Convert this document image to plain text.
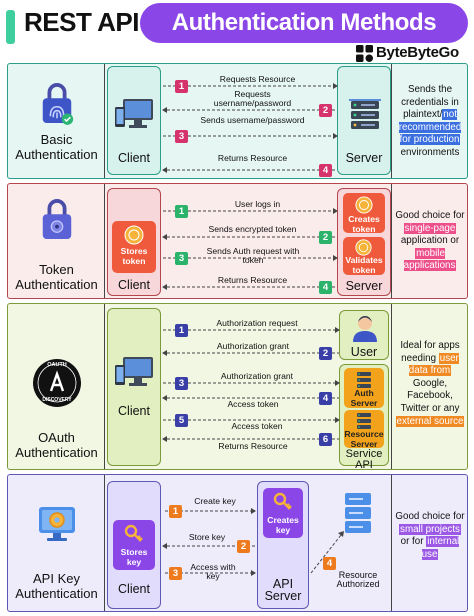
REST API	Authentication Methods
ByteByteGo
Basic Authentication	Client	Server
1
Requests Resource
2
Requests username/password
3
Sends username/password
4
Returns Resource
Sends the credentials in plaintext/not recommended for production environments
Token Authentication
Stores token
Client
Creates token
Validates token
Server
1
User logs in
2
Sends encrypted token
3
Sends Auth request with token
4
Returns Resource
Good choice for single-page application or mobile applications
OAUTH
DISCOVERY
OAuth Authentication
Client
User
Auth Server
Resource Server
Service API
1
Authorization request
2
Authorization grant
3
Authorization grant
4
Access token
5	Access token
6
Returns Resource
Ideal for apps needing user data from Google, Facebook, Twitter or any external source
API Key Authentication
Stores key
Client
Creates key
API Server
Resource Authorized
1
Create key
2
Store key
3
Access with key
4
Good choice for small projects or for internal use
